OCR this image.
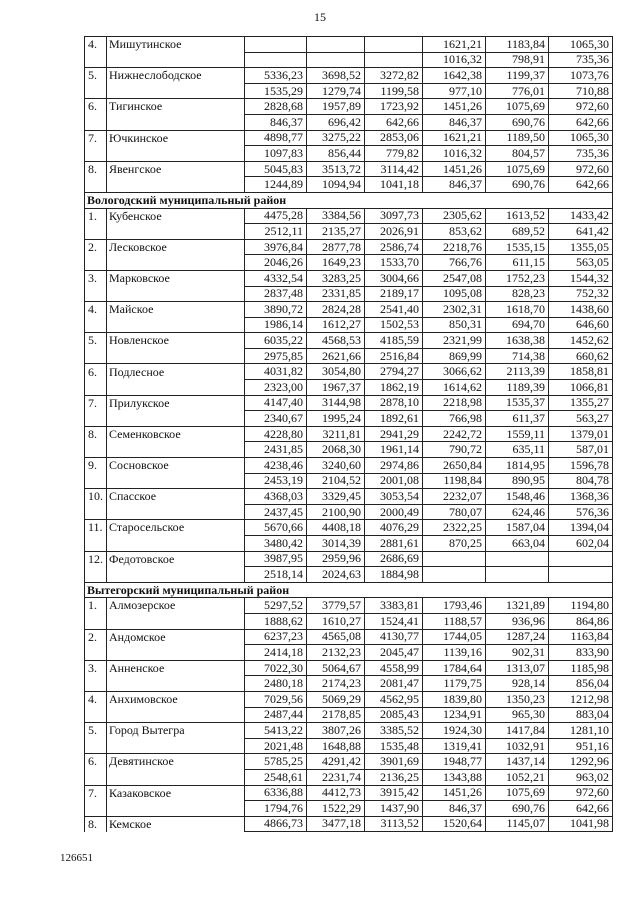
15
4.	Мишутинское				1621,21	1183,84	1065,30
					1016,32	798,91	735,36
5.	Нижнеслободское	5336,23	3698,52	3272,82	1642,38	1199,37	1073,76
		1535,29	1279,74	1199,58	977,10	776,01	710,88
6.	Тигинское	2828,68	1957,89	1723,92	1451,26	1075,69	972,60
		846,37	696,42	642,66	846,37	690,76	642,66
7.	Ючкинское	4898,77	3275,22	2853,06	1621,21	1189,50	1065,30
		1097,83	856,44	779,82	1016,32	804,57	735,36
8.	Явенгское	5045,83	3513,72	3114,42	1451,26	1075,69	972,60
		1244,89	1094,94	1041,18	846,37	690,76	642,66
Вологодский муниципальный район							
1.	Кубенское	4475,28	3384,56	3097,73	2305,62	1613,52	1433,42
		2512,11	2135,27	2026,91	853,62	689,52	641,42
2.	Лесковское	3976,84	2877,78	2586,74	2218,76	1535,15	1355,05
		2046,26	1649,23	1533,70	766,76	611,15	563,05
3.	Марковское	4332,54	3283,25	3004,66	2547,08	1752,23	1544,32
		2837,48	2331,85	2189,17	1095,08	828,23	752,32
4.	Майское	3890,72	2824,28	2541,40	2302,31	1618,70	1438,60
		1986,14	1612,27	1502,53	850,31	694,70	646,60
5.	Новленское	6035,22	4568,53	4185,59	2321,99	1638,38	1452,62
		2975,85	2621,66	2516,84	869,99	714,38	660,62
6.	Подлесное	4031,82	3054,80	2794,27	3066,62	2113,39	1858,81
		2323,00	1967,37	1862,19	1614,62	1189,39	1066,81
7.	Прилукское	4147,40	3144,98	2878,10	2218,98	1535,37	1355,27
		2340,67	1995,24	1892,61	766,98	611,37	563,27
8.	Семенковское	4228,80	3211,81	2941,29	2242,72	1559,11	1379,01
		2431,85	2068,30	1961,14	790,72	635,11	587,01
9.	Сосновское	4238,46	3240,60	2974,86	2650,84	1814,95	1596,78
		2453,19	2104,52	2001,08	1198,84	890,95	804,78
10.	Спасское	4368,03	3329,45	3053,54	2232,07	1548,46	1368,36
		2437,45	2100,90	2000,49	780,07	624,46	576,36
11.	Старосельское	5670,66	4408,18	4076,29	2322,25	1587,04	1394,04
		3480,42	3014,39	2881,61	870,25	663,04	602,04
12.	Федотовское	3987,95	2959,96	2686,69			
		2518,14	2024,63	1884,98			
Вытегорский муниципальный район							
1.	Алмозерское	5297,52	3779,57	3383,81	1793,46	1321,89	1194,80
		1888,62	1610,27	1524,41	1188,57	936,96	864,86
2.	Андомское	6237,23	4565,08	4130,77	1744,05	1287,24	1163,84
		2414,18	2132,23	2045,47	1139,16	902,31	833,90
3.	Анненское	7022,30	5064,67	4558,99	1784,64	1313,07	1185,98
		2480,18	2174,23	2081,47	1179,75	928,14	856,04
4.	Анхимовское	7029,56	5069,29	4562,95	1839,80	1350,23	1212,98
		2487,44	2178,85	2085,43	1234,91	965,30	883,04
5.	Город Вытегра	5413,22	3807,26	3385,52	1924,30	1417,84	1281,10
		2021,48	1648,88	1535,48	1319,41	1032,91	951,16
6.	Девятинское	5785,25	4291,42	3901,69	1948,77	1437,14	1292,96
		2548,61	2231,74	2136,25	1343,88	1052,21	963,02
7.	Казаковское	6336,88	4412,73	3915,42	1451,26	1075,69	972,60
		1794,76	1522,29	1437,90	846,37	690,76	642,66
8.	Кемское	4866,73	3477,18	3113,52	1520,64	1145,07	1041,98
126651
